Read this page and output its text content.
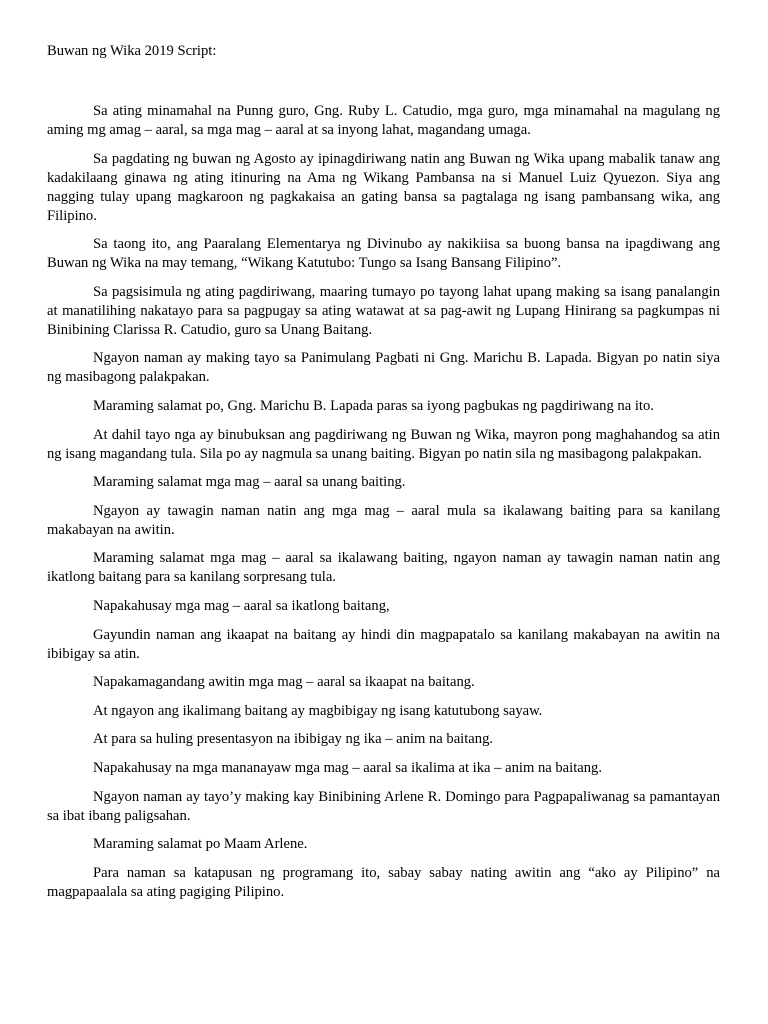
Buwan ng Wika 2019 Script:

Sa ating minamahal na Punng guro, Gng. Ruby L. Catudio, mga guro, mga minamahal na magulang ng aming mg amag – aaral, sa mga mag – aaral at sa inyong lahat, magandang umaga.

Sa pagdating ng buwan ng Agosto ay ipinagdiriwang natin ang Buwan ng Wika upang mabalik tanaw ang kadakilaang ginawa ng ating itinuring na Ama ng Wikang Pambansa na si Manuel Luiz Qyuezon. Siya ang nagging tulay upang magkaroon ng pagkakaisa an gating bansa sa pagtalaga ng isang pambansang wika, ang Filipino.

Sa taong ito, ang Paaralang Elementarya ng Divinubo ay nakikiisa sa buong bansa na ipagdiwang ang Buwan ng Wika na may temang, “Wikang Katutubo: Tungo sa Isang Bansang Filipino”.

Sa pagsisimula ng ating pagdiriwang, maaring tumayo po tayong lahat upang making sa isang panalangin at manatilihing nakatayo para sa pagpugay sa ating watawat at sa pag-awit ng Lupang Hinirang sa pagkumpas ni Binibining Clarissa R. Catudio, guro sa Unang Baitang.

Ngayon naman ay making tayo sa Panimulang Pagbati ni Gng. Marichu B. Lapada. Bigyan po natin siya ng masibagong palakpakan.

Maraming salamat po, Gng. Marichu B. Lapada paras sa iyong pagbukas ng pagdiriwang na ito.

At dahil tayo nga ay binubuksan ang pagdiriwang ng Buwan ng Wika, mayron pong maghahandog sa atin ng isang magandang tula. Sila po ay nagmula sa unang baiting. Bigyan po natin sila ng masibagong palakpakan.

Maraming salamat mga mag – aaral sa unang baiting.

Ngayon ay tawagin naman natin ang mga mag – aaral mula sa ikalawang baiting para sa kanilang makabayan na awitin.

Maraming salamat mga mag – aaral sa ikalawang baiting, ngayon naman ay tawagin naman natin ang ikatlong baitang para sa kanilang sorpresang tula.

Napakahusay mga mag – aaral sa ikatlong baitang,

Gayundin naman ang ikaapat na baitang ay hindi din magpapatalo sa kanilang makabayan na awitin na ibibigay sa atin.

Napakamagandang awitin mga mag – aaral sa ikaapat na baitang.

At ngayon ang ikalimang baitang ay magbibigay ng isang katutubong sayaw.

At para sa huling presentasyon na ibibigay ng ika – anim na baitang.

Napakahusay na mga mananayaw mga mag – aaral sa ikalima at ika – anim na baitang.

Ngayon naman ay tayo’y making kay Binibining Arlene R. Domingo para Pagpapaliwanag sa pamantayan sa ibat ibang paligsahan.

Maraming salamat po Maam Arlene.

Para naman sa katapusan ng programang ito, sabay sabay nating awitin ang “ako ay Pilipino” na magpapaalala sa ating pagiging Pilipino.
